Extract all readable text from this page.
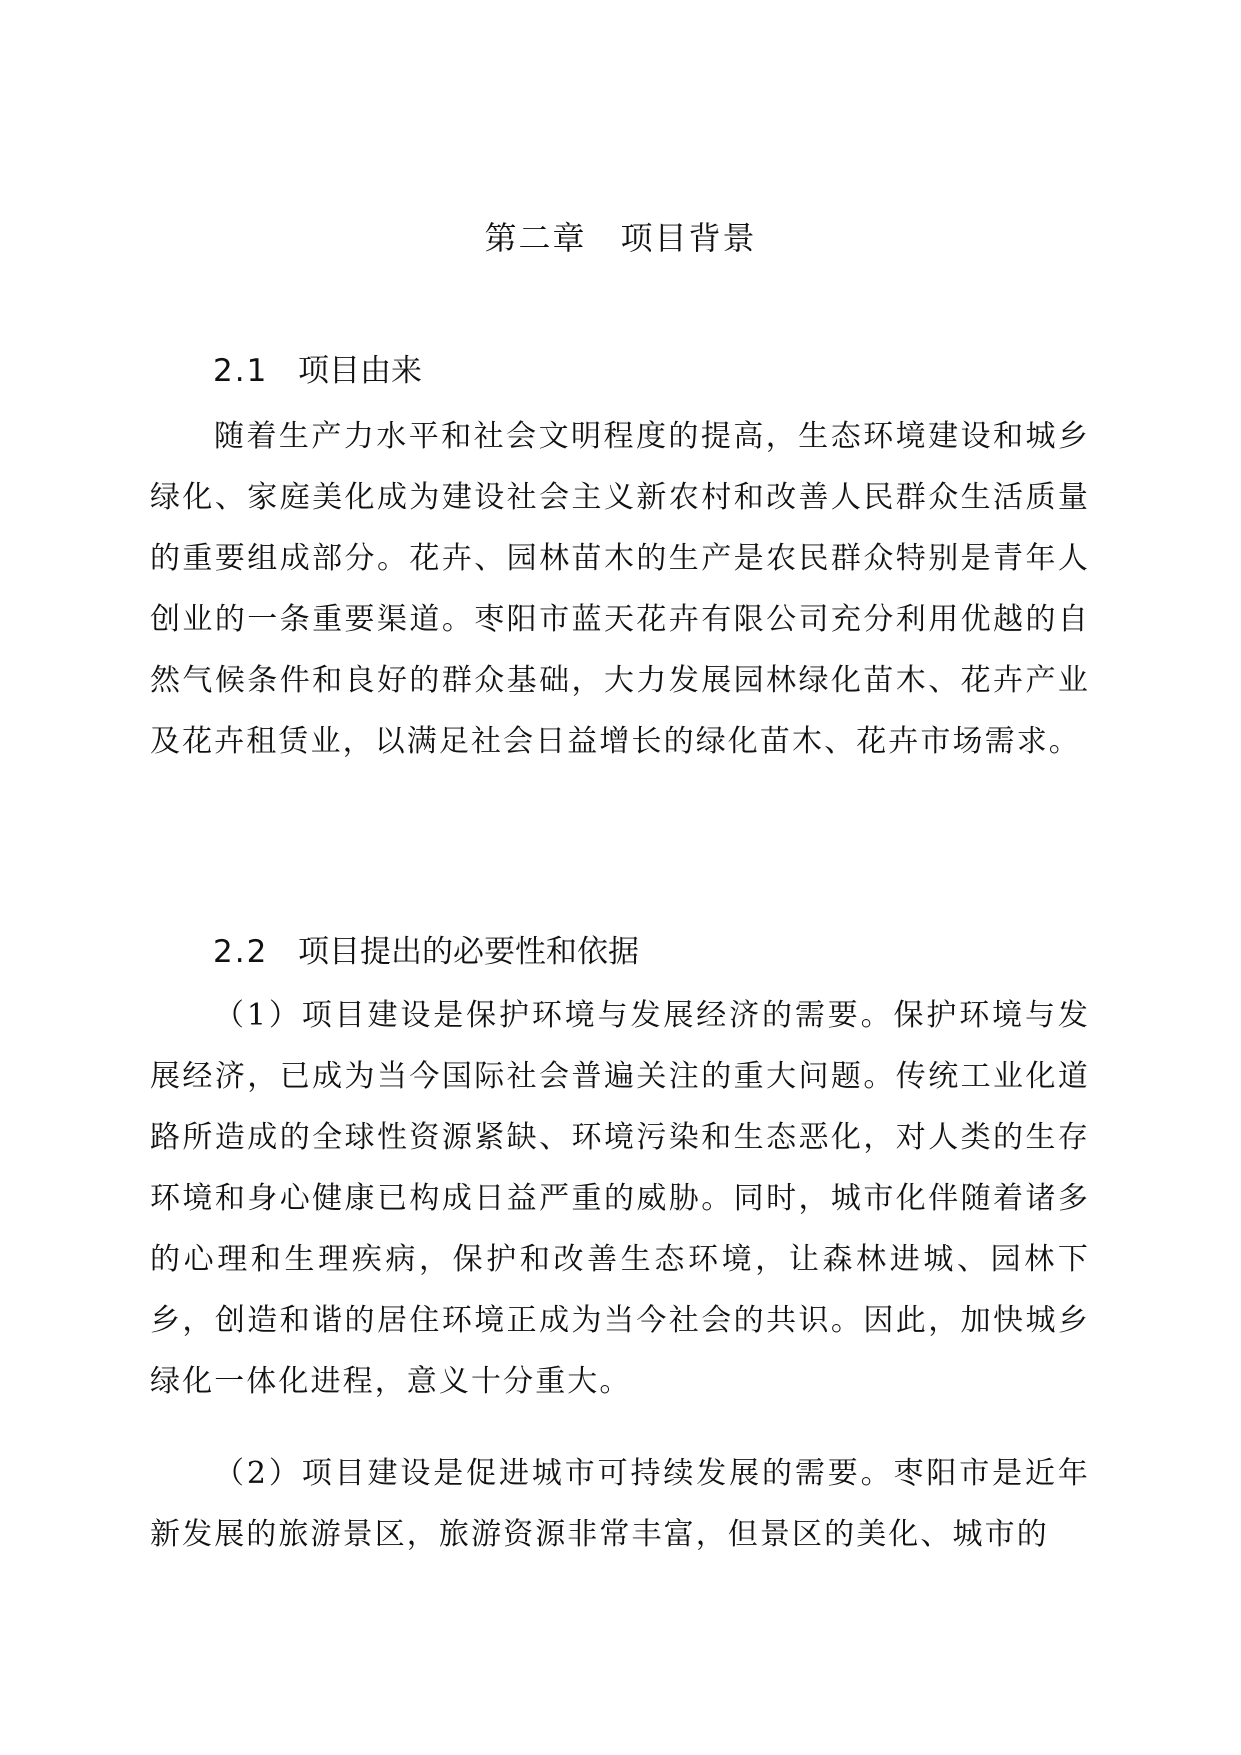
第二章　项目背景
2.1 项目由来

随着生产力水平和社会文明程度的提高，生态环境建设和城乡绿化、家庭美化成为建设社会主义新农村和改善人民群众生活质量的重要组成部分。花卉、园林苗木的生产是农民群众特别是青年人创业的一条重要渠道。枣阳市蓝天花卉有限公司充分利用优越的自然气候条件和良好的群众基础，大力发展园林绿化苗木、花卉产业及花卉租赁业，以满足社会日益增长的绿化苗木、花卉市场需求。

2.2 项目提出的必要性和依据

（1）项目建设是保护环境与发展经济的需要。保护环境与发展经济，已成为当今国际社会普遍关注的重大问题。传统工业化道路所造成的全球性资源紧缺、环境污染和生态恶化，对人类的生存环境和身心健康已构成日益严重的威胁。同时，城市化伴随着诸多的心理和生理疾病，保护和改善生态环境，让森林进城、园林下乡，创造和谐的居住环境正成为当今社会的共识。因此，加快城乡绿化一体化进程，意义十分重大。

（2）项目建设是促进城市可持续发展的需要。枣阳市是近年新发展的旅游景区，旅游资源非常丰富，但景区的美化、城市的
